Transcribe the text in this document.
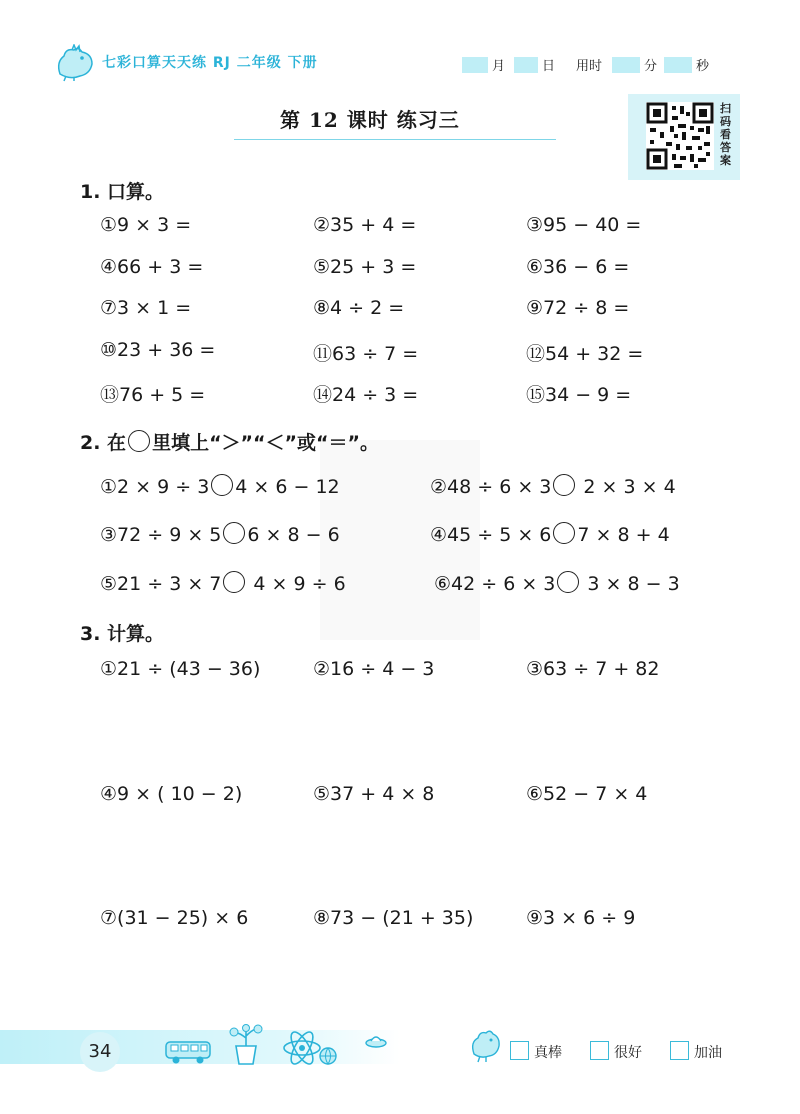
七彩口算天天练 RJ 二年级 下册	月	日 用时	分	秒
第 12 课时 练习三	扫码看答案
1. 口算。
①9 × 3 =	②35 + 4 =	③95 − 40 =
④66 + 3 =	⑤25 + 3 =	⑥36 − 6 =
⑦3 × 1 =	⑧4 ÷ 2 =	⑨72 ÷ 8 =
⑩23 + 36 =	⑪63 ÷ 7 =	⑫54 + 32 =
⑬76 + 5 =	⑭24 ÷ 3 =	⑮34 − 9 =
2. 在 里填上“＞”“＜”或“＝”。
①2 × 9 ÷ 3 4 × 6 − 12	②48 ÷ 6 × 3 2 × 3 × 4
③72 ÷ 9 × 5 6 × 8 − 6	④45 ÷ 5 × 6 7 × 8 + 4
⑤21 ÷ 3 × 7 4 × 9 ÷ 6	⑥42 ÷ 6 × 3 3 × 8 − 3
3. 计算。
①21 ÷ (43 − 36)	②16 ÷ 4 − 3	③63 ÷ 7 + 82
④9 × ( 10 − 2)	⑤37 + 4 × 8	⑥52 − 7 × 4
⑦(31 − 25) × 6	⑧73 − (21 + 35)	⑨3 × 6 ÷ 9
34	真棒	很好	加油
